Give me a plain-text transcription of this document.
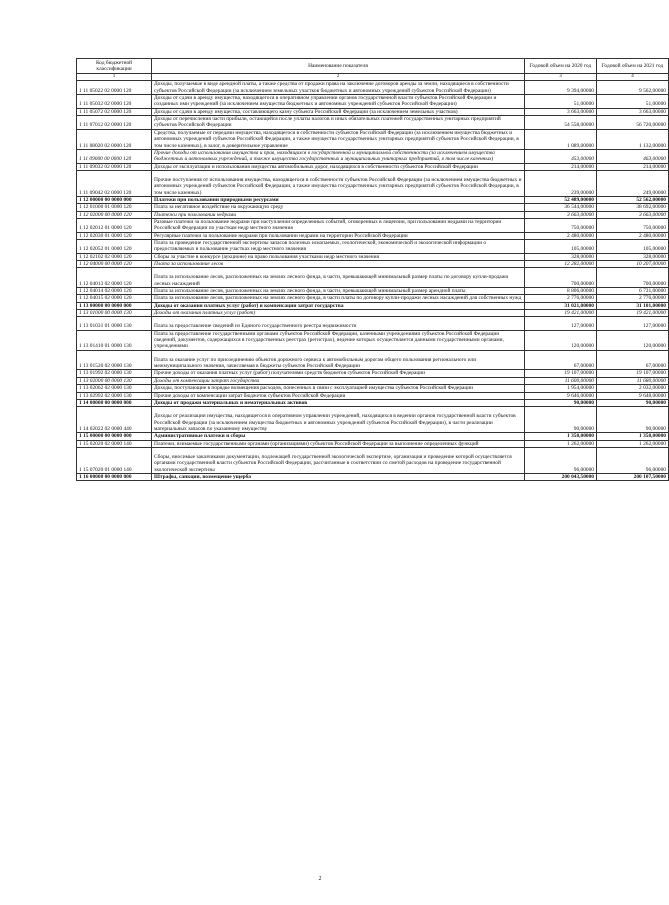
Код бюджетной классификации	Наименование показателя	Годовой объем на 2020 год	Годовой объем на 2021 год
1	2	3	4
1 11 05022 02 0000 120	Доходы, получаемые в виде арендной платы, а также средства от продажи права на заключение договоров аренды за земли, находящиеся в собственности субъектов Российской Федерации (за исключением земельных участков бюджетных и автономных учреждений субъектов Российской Федерации)	9 394,00000	9 562,00000
1 11 05032 02 0000 120	Доходы от сдачи в аренду имущества, находящегося в оперативном управлении органов государственной власти субъектов Российской Федерации и созданных ими учреждений (за исключением имущества бюджетных и автономных учреждений субъектов Российской Федерации)	51,00000	51,00000
1 11 05072 02 0000 120	Доходы от сдачи в аренду имущества, составляющего казну субъекта Российской Федерации (за исключением земельных участков)	3 663,00000	3 663,00000
1 11 07012 02 0000 120	Доходы от перечисления части прибыли, остающейся после уплаты налогов и иных обязательных платежей государственных унитарных предприятий субъектов Российской Федерации	54 558,00000	56 720,00000
1 11 08020 02 0000 120	Средства, получаемые от передачи имущества, находящегося в собственности субъектов Российской Федерации (за исключением имущества бюджетных и автономных учреждений субъектов Российской Федерации, а также имущества государственных унитарных предприятий субъектов Российской Федерации, в том числе казенных), в залог, в доверительное управление	1 089,00000	1 132,00000
1 11 09000 00 0000 120	Прочие доходы от использования имущества и прав, находящихся в государственной и муниципальной собственности (за исключением имущества бюджетных и автономных учреждений, а также имущества государственных и муниципальных унитарных предприятий, в том числе казенных)	453,00000	463,00000
1 11 09032 02 0000 120	Доходы от эксплуатации и использования имущества автомобильных дорог, находящихся в собственности субъектов Российской Федерации	214,00000	214,00000
1 11 09042 02 0000 120	Прочие поступления от использования имущества, находящегося в собственности субъектов Российской Федерации (за исключением имущества бюджетных и автономных учреждений субъектов Российской Федерации, а также имущества государственных унитарных предприятий субъектов Российской Федерации, в том числе казенных)	239,00000	249,00000
1 12 00000 00 0000 000	Платежи при пользовании природными ресурсами	52 489,00000	52 562,00000
1 12 01000 01 0000 120	Плата за негативное воздействие на окружающую среду	36 544,00000	38 692,00000
1 12 02000 00 0000 120	Платежи при пользовании недрами	3 663,00000	3 663,00000
1 12 02012 01 0000 120	Разовые платежи за пользование недрами при наступлении определенных событий, оговоренных в лицензии, при пользовании недрами на территории Российской Федерации по участкам недр местного значения	750,00000	750,00000
1 12 02030 01 0000 120	Регулярные платежи за пользование недрами при пользовании недрами на территории Российской Федерации	2 480,00000	2 480,00000
1 12 02052 01 0000 120	Плата за проведение государственной экспертизы запасов полезных ископаемых, геологической, экономической и экологической информации о предоставляемых в пользование участках недр местного значения	105,00000	105,00000
1 12 02102 02 0000 120	Сборы за участие в конкурсе (аукционе) на право пользования участками недр местного значения	328,00000	328,00000
1 12 04000 00 0000 120	Плата за использование лесов	12 282,00000	10 207,00000
1 12 04013 02 0000 120	Плата за использование лесов, расположенных на землях лесного фонда, в части, превышающей минимальный размер платы по договору купли-продажи лесных насаждений	700,00000	700,00000
1 12 04014 02 0000 120	Плата за использование лесов, расположенных на землях лесного фонда, в части, превышающей минимальный размер арендной платы	8 806,00000	6 731,00000
1 12 04015 02 0000 120	Плата за использование лесов, расположенных на землях лесного фонда, в части платы по договору купли-продажи лесных насаждений для собственных нужд	2 776,00000	2 776,00000
1 13 00000 00 0000 000	Доходы от оказания платных услуг (работ) и компенсации затрат государства	31 021,00000	31 101,00000
1 13 01000 00 0000 130	Доходы от оказания платных услуг (работ)	19 421,00000	19 421,00000
1 13 01031 01 0000 130	Плата за предоставление сведений из Единого государственного реестра недвижимости	127,00000	127,00000
1 13 01410 01 0000 130	Плата за предоставление государственными органами субъектов Российской Федерации, казенными учреждениями субъектов Российской Федерации сведений, документов, содержащихся в государственных реестрах (регистрах), ведение которых осуществляется данными государственными органами, учреждениями	120,00000	120,00000
1 13 01520 02 0000 130	Плата за оказание услуг по присоединению объектов дорожного сервиса к автомобильным дорогам общего пользования регионального или межмуниципального значения, зачисляемая в бюджеты субъектов Российской Федерации	67,00000	67,00000
1 13 01992 02 0000 130	Прочие доходы от оказания платных услуг (работ) получателями средств бюджетов субъектов Российской Федерации	19 107,00000	19 107,00000
1 13 02000 00 0000 130	Доходы от компенсации затрат государства	11 600,00000	11 680,00000
1 13 02062 02 0000 130	Доходы, поступающие в порядке возмещения расходов, понесенных в связи с эксплуатацией имущества субъектов Российской Федерации	1 954,00000	2 032,00000
1 13 02992 02 0000 130	Прочие доходы от компенсации затрат бюджетов субъектов Российской Федерации	9 646,00000	9 648,00000
1 14 00000 00 0000 000	Доходы от продажи материальных и нематериальных активов	90,00000	90,00000
1 14 02022 02 0000 440	Доходы от реализации имущества, находящегося в оперативном управлении учреждений, находящихся в ведении органов государственной власти субъектов Российской Федерации (за исключением имущества бюджетных и автономных учреждений субъектов Российской Федерации), в части реализации материальных запасов по указанному имуществу	90,00000	90,00000
1 15 00000 00 0000 000	Административные платежи и сборы	1 358,00000	1 358,00000
1 15 02020 02 0000 140	Платежи, взимаемые государственными органами (организациями) субъектов Российской Федерации за выполнение определенных функций	1 262,00000	1 262,00000
1 15 07020 01 0000 140	Сборы, вносимые заказчиками документации, подлежащей государственной экологической экспертизе, организация и проведение которой осуществляется органами государственной власти субъектов Российской Федерации, рассчитанные в соответствии со сметой расходов на проведение государственной экологической экспертизы	96,00000	96,00000
1 16 00000 00 0000 000	Штрафы, санкции, возмещение ущерба	200 043,50000	200 107,50000
2
